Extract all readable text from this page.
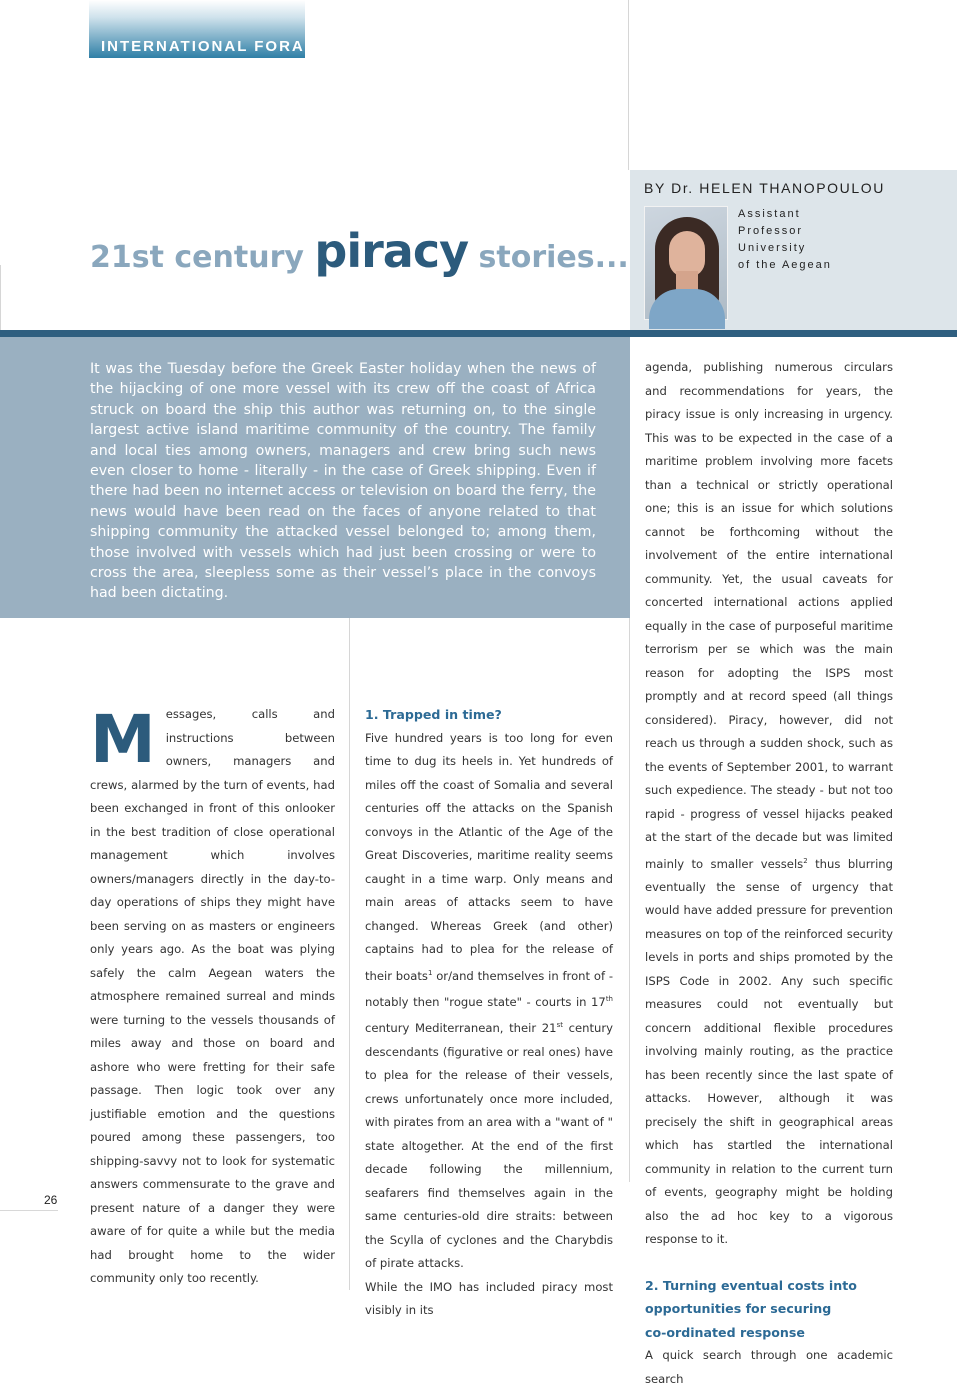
INTERNATIONAL FORA
21st century piracy stories...
BY Dr. HELEN THANOPOULOU
Assistant
Professor
University
of the Aegean

It was the Tuesday before the Greek Easter holiday when the news of the hijacking of one more vessel with its crew off the coast of Africa struck on board the ship this author was returning on, to the single largest active island maritime community of the country. The family and local ties among owners, managers and crew bring such news even closer to home - literally - in the case of Greek shipping. Even if there had been no internet access or television on board the ferry, the news would have been read on the faces of anyone related to that shipping community the attacked vessel belonged to; among them, those involved with vessels which had just been crossing or were to cross the area, sleepless some as their vessel’s place in the convoys had been dictating.

M essages, calls and instructions between owners, managers and crews, alarmed by the turn of events, had been exchanged in front of this onlooker in the best tradition of close operational management which involves owners/managers directly in the day-to-day operations of ships they might have been serving on as masters or engineers only years ago. As the boat was plying safely the calm Aegean waters the atmosphere remained surreal and minds were turning to the vessels thousands of miles away and those on board and ashore who were fretting for their safe passage. Then logic took over any justifiable emotion and the questions poured among these passengers, too shipping-savvy not to look for systematic answers commensurate to the grave and present nature of a danger they were aware of for quite a while but the media had brought home to the wider community only too recently.
1. Trapped in time?

Five hundred years is too long for even time to dug its heels in. Yet hundreds of miles off the coast of Somalia and several centuries off the attacks on the Spanish convoys in the Atlantic of the Age of the Great Discoveries, maritime reality seems caught in a time warp. Only means and main areas of attacks seem to have changed. Whereas Greek (and other) captains had to plea for the release of their boats$^1$ or/and themselves in front of - notably then "rogue state" - courts in 17th century Mediterranean, their 21st century descendants (figurative or real ones) have to plea for the release of their vessels, crews unfortunately once more included, with pirates from an area with a "want of " state altogether. At the end of the first decade following the millennium, seafarers find themselves again in the same centuries-old dire straits: between the Scylla of cyclones and the Charybdis of pirate attacks.

While the IMO has included piracy most visibly in its

agenda, publishing numerous circulars and recommendations for years, the piracy issue is only increasing in urgency. This was to be expected in the case of a maritime problem involving more facets than a technical or strictly operational one; this is an issue for which solutions cannot be forthcoming without the involvement of the entire international community. Yet, the usual caveats for concerted international actions applied equally in the case of purposeful maritime terrorism per se which was the main reason for adopting the ISPS most promptly and at record speed (all things considered). Piracy, however, did not reach us through a sudden shock, such as the events of September 2001, to warrant such expedience. The steady - but not too rapid - progress of vessel hijacks peaked at the start of the decade but was limited mainly to smaller vessels$^2$ thus blurring eventually the sense of urgency that would have added pressure for prevention measures on top of the reinforced security levels in ports and ships promoted by the ISPS Code in 2002. Any such specific measures could not eventually but concern additional flexible procedures involving mainly routing, as the practice has been recently since the last spate of attacks. However, although it was precisely the shift in geographical areas which has startled the international community in relation to the current turn of events, geography might be holding also the ad hoc key to a vigorous response to it.

2. Turning eventual costs into
opportunities for securing
co-ordinated response

A quick search through one academic search

26
